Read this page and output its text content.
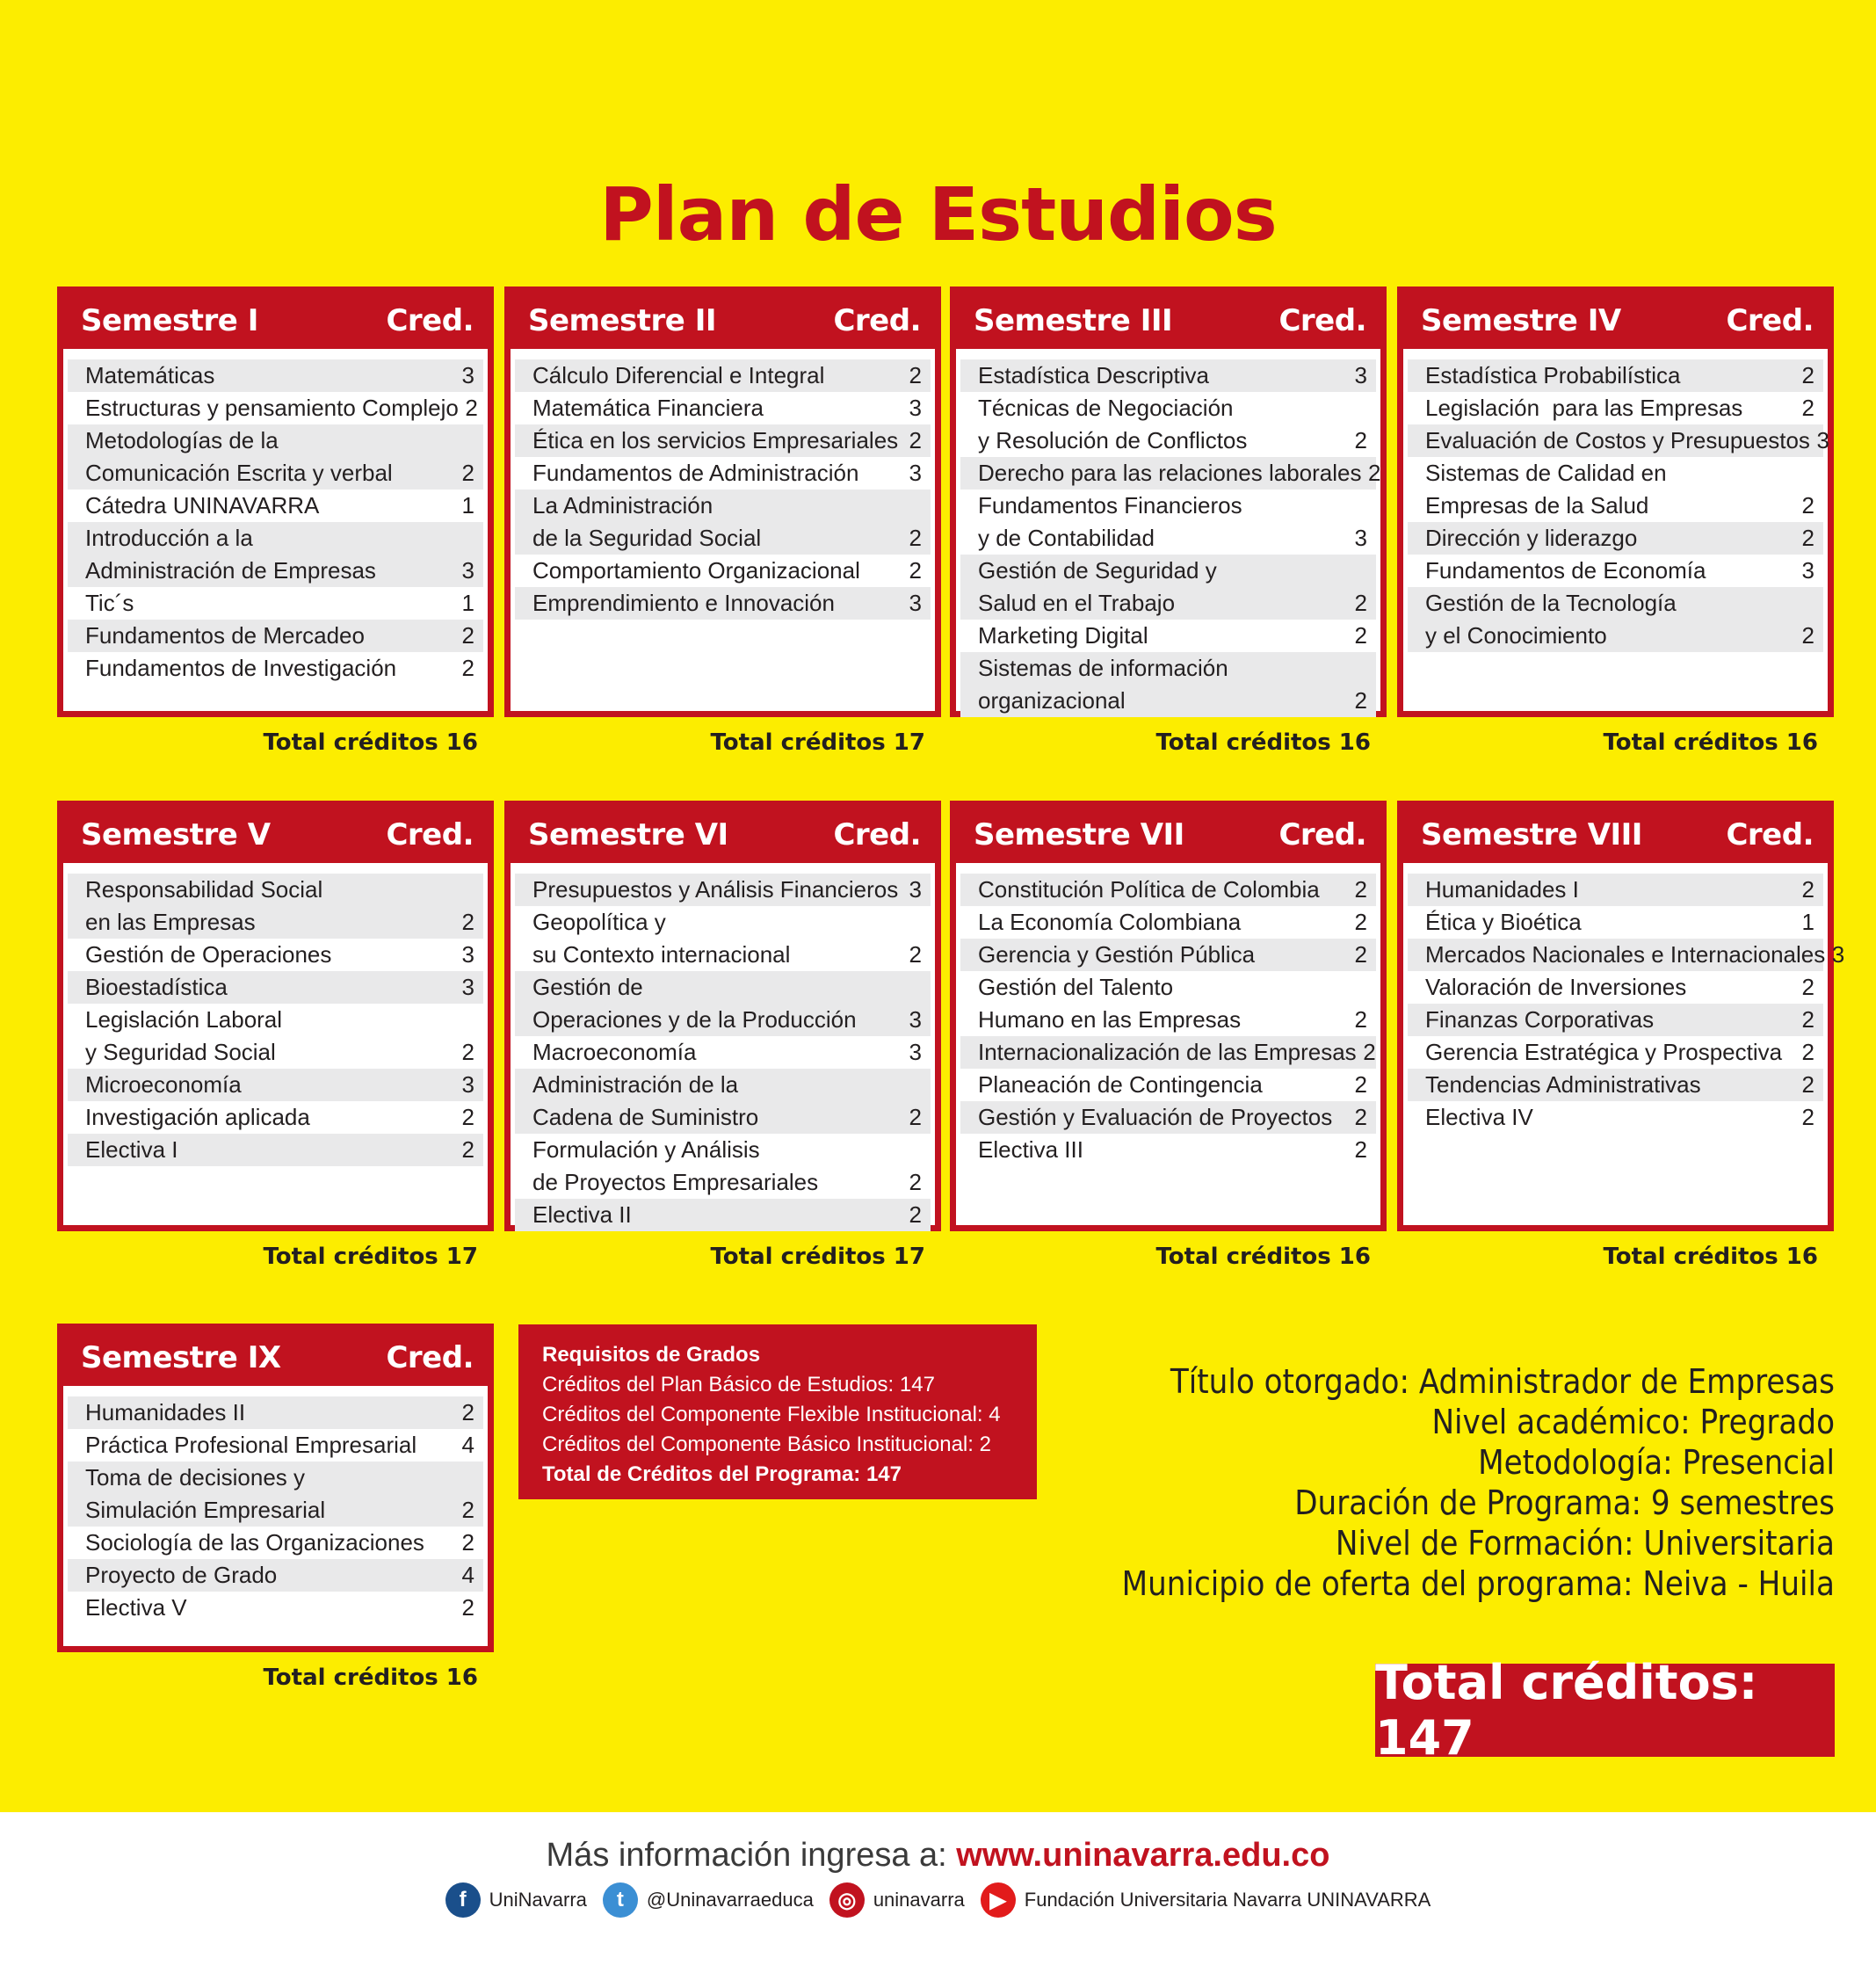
Plan de Estudios
Semestre I	Cred.
Matemáticas	3
Estructuras y pensamiento Complejo 2
Metodologías de la
Comunicación Escrita y verbal	2
Cátedra UNINAVARRA	1
Introducción a la
Administración de Empresas	3
Tic´s	1
Fundamentos de Mercadeo	2
Fundamentos de Investigación	2
Total créditos 16
Semestre II	Cred.
Cálculo Diferencial e Integral	2
Matemática Financiera	3
Ética en los servicios Empresariales 2
Fundamentos de Administración 3
La Administración
de la Seguridad Social	2
Comportamiento Organizacional 2
Emprendimiento e Innovación	3
Total créditos 17
Semestre III	Cred.
Estadística Descriptiva	3
Técnicas de Negociación
y Resolución de Conflictos	2
Derecho para las relaciones laborales 2
Fundamentos Financieros
y de Contabilidad	3
Gestión de Seguridad y
Salud en el Trabajo	2
Marketing Digital	2
Sistemas de información
organizacional	2
Total créditos 16
Semestre IV	Cred.
Estadística Probabilística	2
Legislación  para las Empresas	2
Evaluación de Costos y Presupuestos 3
Sistemas de Calidad en
Empresas de la Salud	2
Dirección y liderazgo	2
Fundamentos de Economía	3
Gestión de la Tecnología
y el Conocimiento	2
Total créditos 16
Semestre V	Cred.
Responsabilidad Social
en las Empresas	2
Gestión de Operaciones	3
Bioestadística	3
Legislación Laboral
y Seguridad Social	2
Microeconomía	3
Investigación aplicada	2
Electiva I	2
Total créditos 17
Semestre VI	Cred.
Presupuestos y Análisis Financieros 3
Geopolítica y
su Contexto internacional	2
Gestión de
Operaciones y de la Producción 3
Macroeconomía	3
Administración de la
Cadena de Suministro	2
Formulación y Análisis
de Proyectos Empresariales	2
Electiva II	2
Total créditos 17
Semestre VII	Cred.
Constitución Política de Colombia 2
La Economía Colombiana	2
Gerencia y Gestión Pública	2
Gestión del Talento
Humano en las Empresas	2
Internacionalización de las Empresas 2
Planeación de Contingencia	2
Gestión y Evaluación de Proyectos 2
Electiva III	2
Total créditos 16
Semestre VIII	Cred.
Humanidades I	2
Ética y Bioética	1
Mercados Nacionales e Internacionales 3
Valoración de Inversiones	2
Finanzas Corporativas	2
Gerencia Estratégica y Prospectiva 2
Tendencias Administrativas	2
Electiva IV	2
Total créditos 16
Semestre IX	Cred.
Humanidades II	2
Práctica Profesional Empresarial 4
Toma de decisiones y
Simulación Empresarial	2
Sociología de las Organizaciones 2
Proyecto de Grado	4
Electiva V	2
Total créditos 16
Requisitos de Grados
Créditos del Plan Básico de Estudios: 147
Créditos del Componente Flexible Institucional: 4
Créditos del Componente Básico Institucional: 2
Total de Créditos del Programa: 147
Título otorgado: Administrador de Empresas
Nivel académico: Pregrado
Metodología: Presencial
Duración de Programa: 9 semestres
Nivel de Formación: Universitaria
Municipio de oferta del programa: Neiva - Huila
Total créditos: 147
Más información ingresa a: www.uninavarra.edu.co
f	UniNavarra	t	@Uninavarraeduca	◎ uninavarra	▶ Fundación Universitaria Navarra UNINAVARRA
